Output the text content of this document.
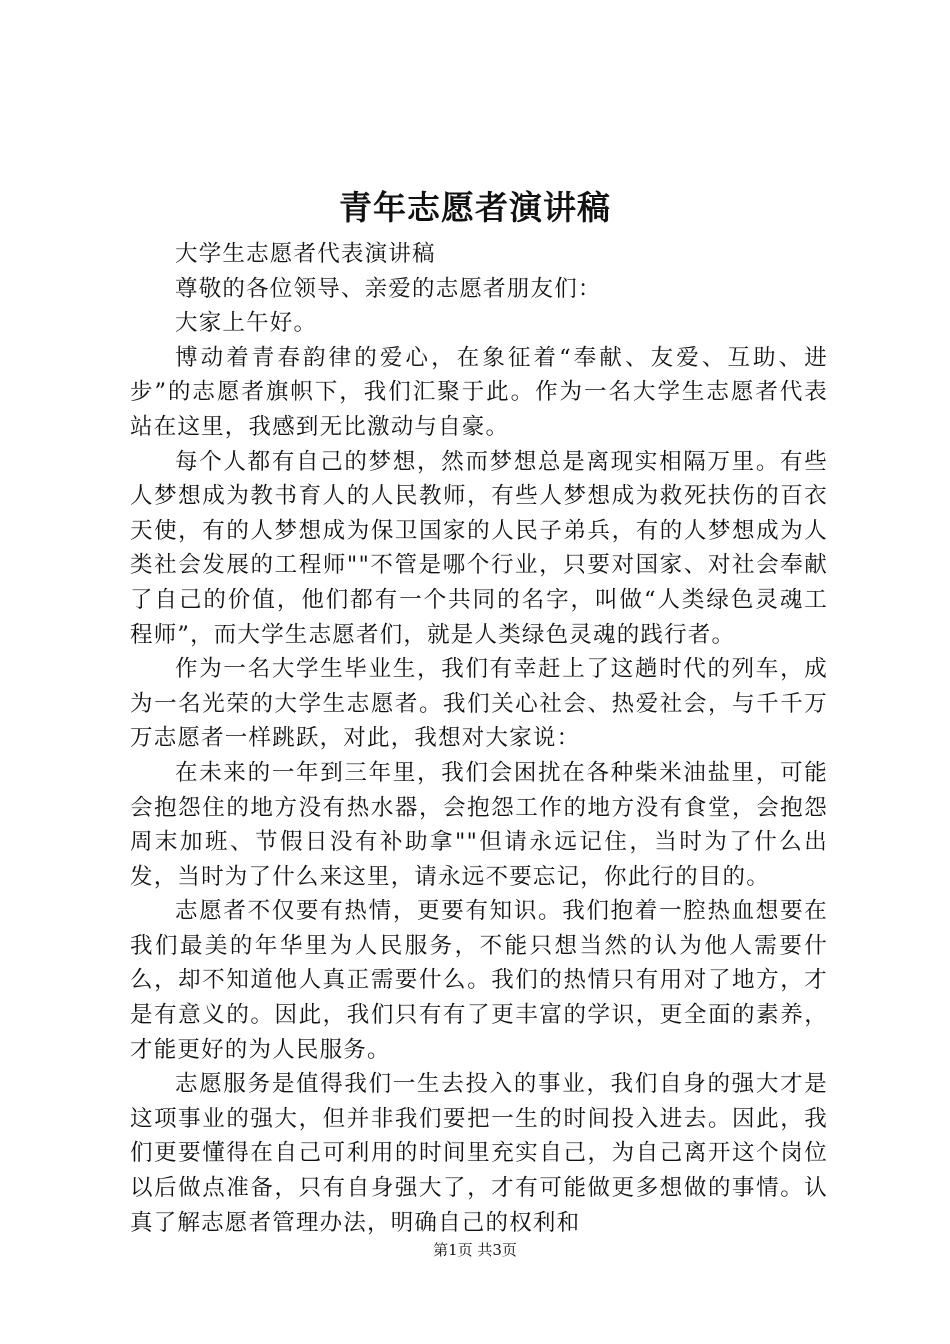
青年志愿者演讲稿

大学生志愿者代表演讲稿

尊敬的各位领导、亲爱的志愿者朋友们：

大家上午好。

博动着青春韵律的爱心，在象征着“奉献、友爱、互助、进步”的志愿者旗帜下，我们汇聚于此。作为一名大学生志愿者代表站在这里，我感到无比激动与自豪。

每个人都有自己的梦想，然而梦想总是离现实相隔万里。有些人梦想成为教书育人的人民教师，有些人梦想成为救死扶伤的百衣天使，有的人梦想成为保卫国家的人民子弟兵，有的人梦想成为人类社会发展的工程师""不管是哪个行业，只要对国家、对社会奉献了自己的价值，他们都有一个共同的名字，叫做“人类绿色灵魂工程师”，而大学生志愿者们，就是人类绿色灵魂的践行者。

作为一名大学生毕业生，我们有幸赶上了这趟时代的列车，成为一名光荣的大学生志愿者。我们关心社会、热爱社会，与千千万万志愿者一样跳跃，对此，我想对大家说：

在未来的一年到三年里，我们会困扰在各种柴米油盐里，可能会抱怨住的地方没有热水器，会抱怨工作的地方没有食堂，会抱怨周末加班、节假日没有补助拿""但请永远记住，当时为了什么出发，当时为了什么来这里，请永远不要忘记，你此行的目的。

志愿者不仅要有热情，更要有知识。我们抱着一腔热血想要在我们最美的年华里为人民服务，不能只想当然的认为他人需要什么，却不知道他人真正需要什么。我们的热情只有用对了地方，才是有意义的。因此，我们只有有了更丰富的学识，更全面的素养，才能更好的为人民服务。

志愿服务是值得我们一生去投入的事业，我们自身的强大才是这项事业的强大，但并非我们要把一生的时间投入进去。因此，我们更要懂得在自己可利用的时间里充实自己，为自己离开这个岗位以后做点准备，只有自身强大了，才有可能做更多想做的事情。认真了解志愿者管理办法，明确自己的权利和

第1页 共3页
